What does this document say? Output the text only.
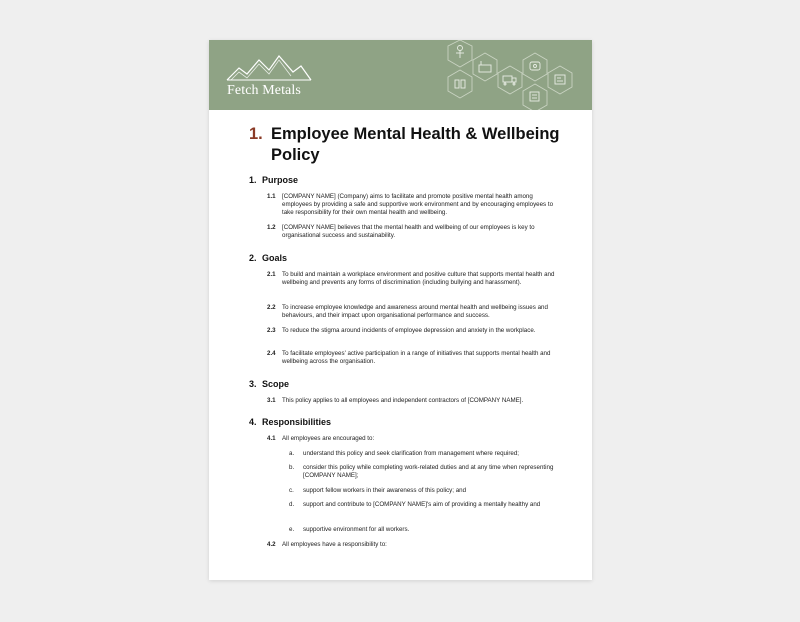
Fetch Metals
1. Employee Mental Health & Wellbeing Policy
1. Purpose
1.1 [COMPANY NAME] (Company) aims to facilitate and promote positive mental health among employees by providing a safe and supportive work environment and by encouraging employees to take responsibility for their own mental health and wellbeing.
1.2 [COMPANY NAME] believes that the mental health and wellbeing of our employees is key to organisational success and sustainability.
2. Goals
2.1 To build and maintain a workplace environment and positive culture that supports mental health and wellbeing and prevents any forms of discrimination (including bullying and harassment).
2.2 To increase employee knowledge and awareness around mental health and wellbeing issues and behaviours, and their impact upon organisational performance and success.
2.3 To reduce the stigma around incidents of employee depression and anxiety in the workplace.
2.4 To facilitate employees' active participation in a range of initiatives that supports mental health and wellbeing across the organisation.
3. Scope
3.1 This policy applies to all employees and independent contractors of [COMPANY NAME].
4. Responsibilities
4.1 All employees are encouraged to:
a. understand this policy and seek clarification from management where required;
b. consider this policy while completing work-related duties and at any time when representing [COMPANY NAME];
c. support fellow workers in their awareness of this policy; and
d. support and contribute to [COMPANY NAME]'s aim of providing a mentally healthy and
e. supportive environment for all workers.
4.2 All employees have a responsibility to:
